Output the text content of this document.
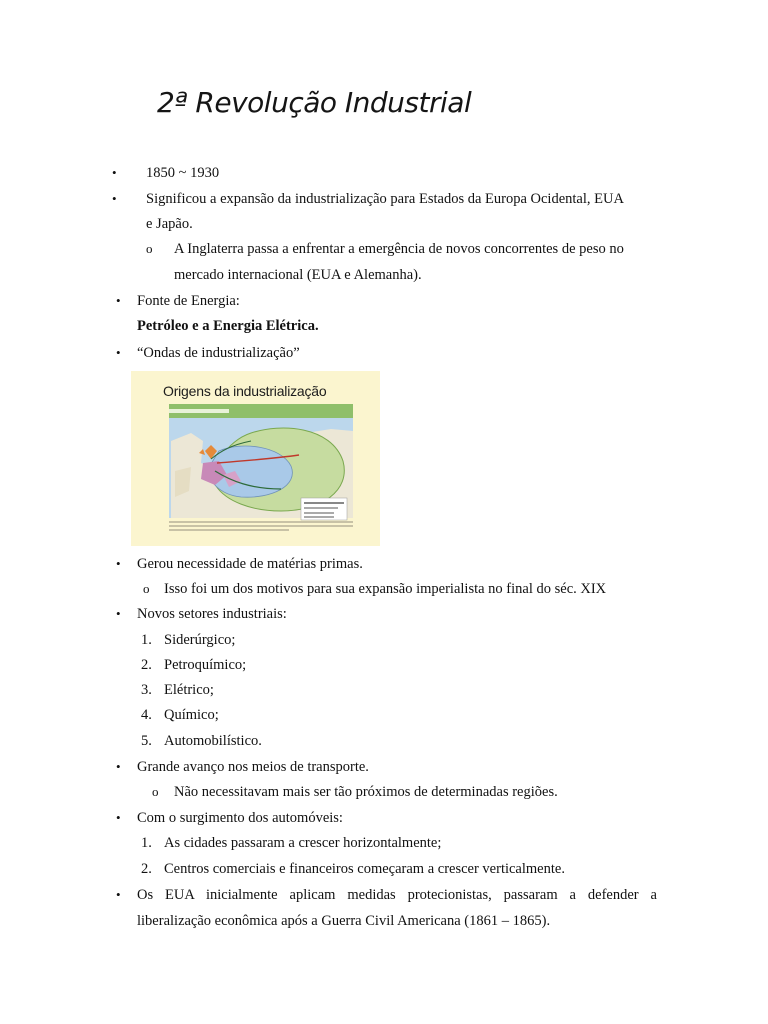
2ª Revolução Industrial
• 1850 ~ 1930
• Significou a expansão da industrialização para Estados da Europa Ocidental, EUA
e Japão.
o A Inglaterra passa a enfrentar a emergência de novos concorrentes de peso no
mercado internacional (EUA e Alemanha).
• Fonte de Energia:
Petróleo e a Energia Elétrica.
• “Ondas de industrialização”
Origens da industrialização
• Gerou necessidade de matérias primas.
o Isso foi um dos motivos para sua expansão imperialista no final do séc. XIX
• Novos setores industriais:
1. Siderúrgico;
2. Petroquímico;
3. Elétrico;
4. Químico;
5. Automobilístico.
• Grande avanço nos meios de transporte.
o Não necessitavam mais ser tão próximos de determinadas regiões.
• Com o surgimento dos automóveis:
1. As cidades passaram a crescer horizontalmente;
2. Centros comerciais e financeiros começaram a crescer verticalmente.
• Os EUA inicialmente aplicam medidas protecionistas, passaram a defender a
liberalização econômica após a Guerra Civil Americana (1861 – 1865).
